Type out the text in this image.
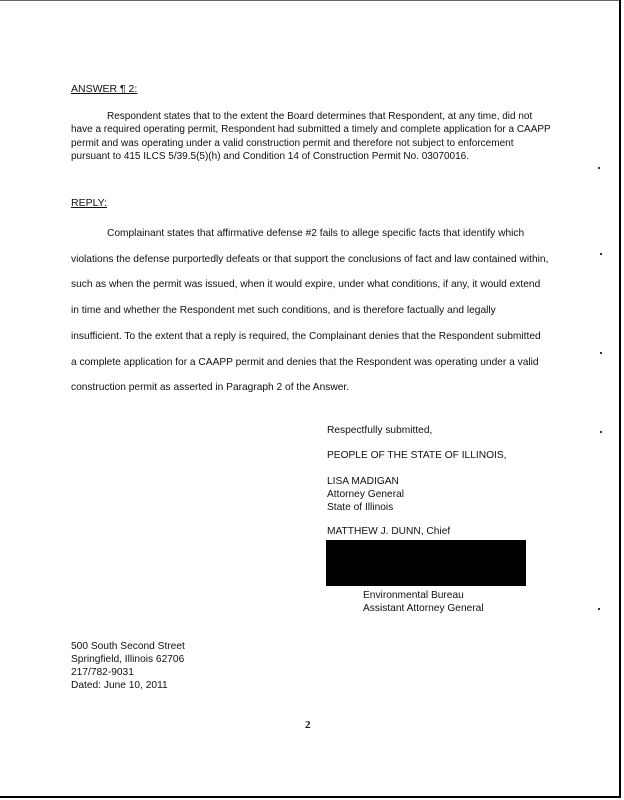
ANSWER ¶ 2:
Respondent states that to the extent the Board determines that Respondent, at any time, did not have a required operating permit, Respondent had submitted a timely and complete application for a CAAPP permit and was operating under a valid construction permit and therefore not subject to enforcement pursuant to 415 ILCS 5/39.5(5)(h) and Condition 14 of Construction Permit No. 03070016.
REPLY:
Complainant states that affirmative defense #2 fails to allege specific facts that identify which violations the defense purportedly defeats or that support the conclusions of fact and law contained within, such as when the permit was issued, when it would expire, under what conditions, if any, it would extend in time and whether the Respondent met such conditions, and is therefore factually and legally insufficient. To the extent that a reply is required, the Complainant denies that the Respondent submitted a complete application for a CAAPP permit and denies that the Respondent was operating under a valid construction permit as asserted in Paragraph 2 of the Answer.
Respectfully submitted,
PEOPLE OF THE STATE OF ILLINOIS,
LISA MADIGAN
Attorney General
State of Illinois
MATTHEW J. DUNN, Chief
Environmental Bureau
Assistant Attorney General
500 South Second Street
Springfield, Illinois 62706
217/782-9031
Dated: June 10, 2011
2
